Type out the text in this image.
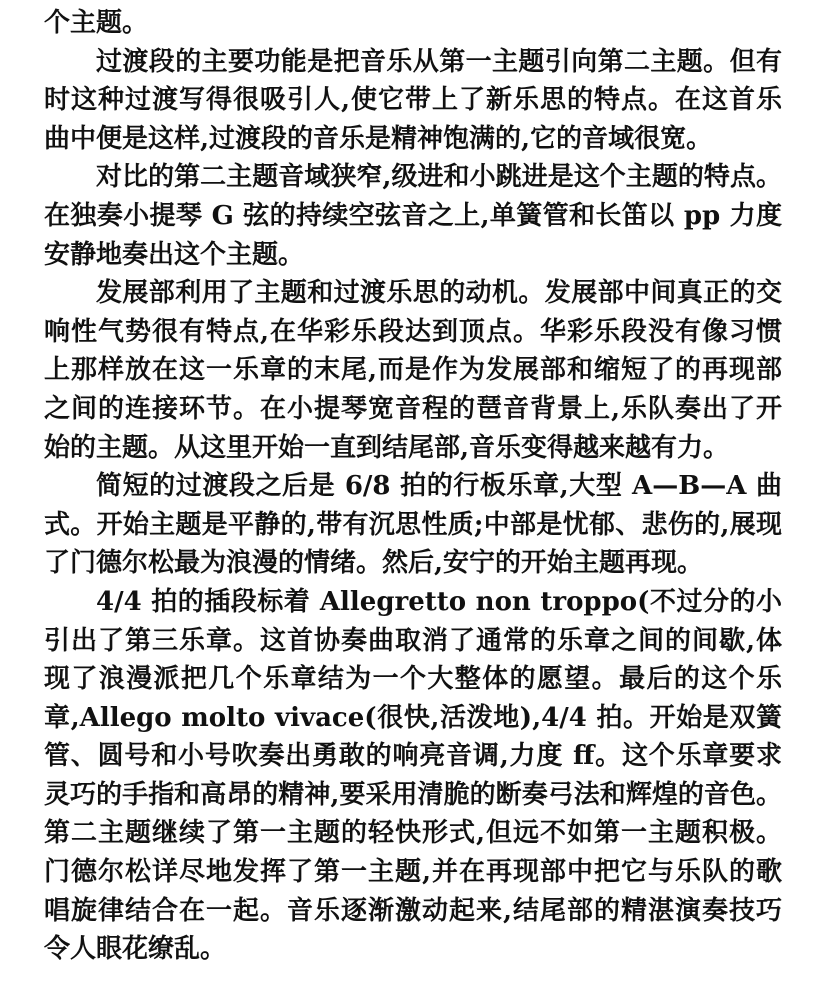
个主题。
过渡段的主要功能是把音乐从第一主题引向第二主题。但有
时这种过渡写得很吸引人,使它带上了新乐思的特点。在这首乐
曲中便是这样,过渡段的音乐是精神饱满的,它的音域很宽。
对比的第二主题音域狭窄,级进和小跳进是这个主题的特点。
在独奏小提琴 G 弦的持续空弦音之上,单簧管和长笛以 pp 力度
安静地奏出这个主题。
发展部利用了主题和过渡乐思的动机。发展部中间真正的交
响性气势很有特点,在华彩乐段达到顶点。华彩乐段没有像习惯
上那样放在这一乐章的末尾,而是作为发展部和缩短了的再现部
之间的连接环节。在小提琴宽音程的琶音背景上,乐队奏出了开
始的主题。从这里开始一直到结尾部,音乐变得越来越有力。
简短的过渡段之后是 6/8 拍的行板乐章,大型 A—B—A 曲
式。开始主题是平静的,带有沉思性质;中部是忧郁、悲伤的,展现
了门德尔松最为浪漫的情绪。然后,安宁的开始主题再现。
4/4 拍的插段标着 Allegretto non troppo(不过分的小
引出了第三乐章。这首协奏曲取消了通常的乐章之间的间歇,体
现了浪漫派把几个乐章结为一个大整体的愿望。最后的这个乐
章,Allego molto vivace(很快,活泼地),4/4 拍。开始是双簧
管、圆号和小号吹奏出勇敢的响亮音调,力度 ff。这个乐章要求
灵巧的手指和高昂的精神,要采用清脆的断奏弓法和辉煌的音色。
第二主题继续了第一主题的轻快形式,但远不如第一主题积极。
门德尔松详尽地发挥了第一主题,并在再现部中把它与乐队的歌
唱旋律结合在一起。音乐逐渐激动起来,结尾部的精湛演奏技巧
令人眼花缭乱。
